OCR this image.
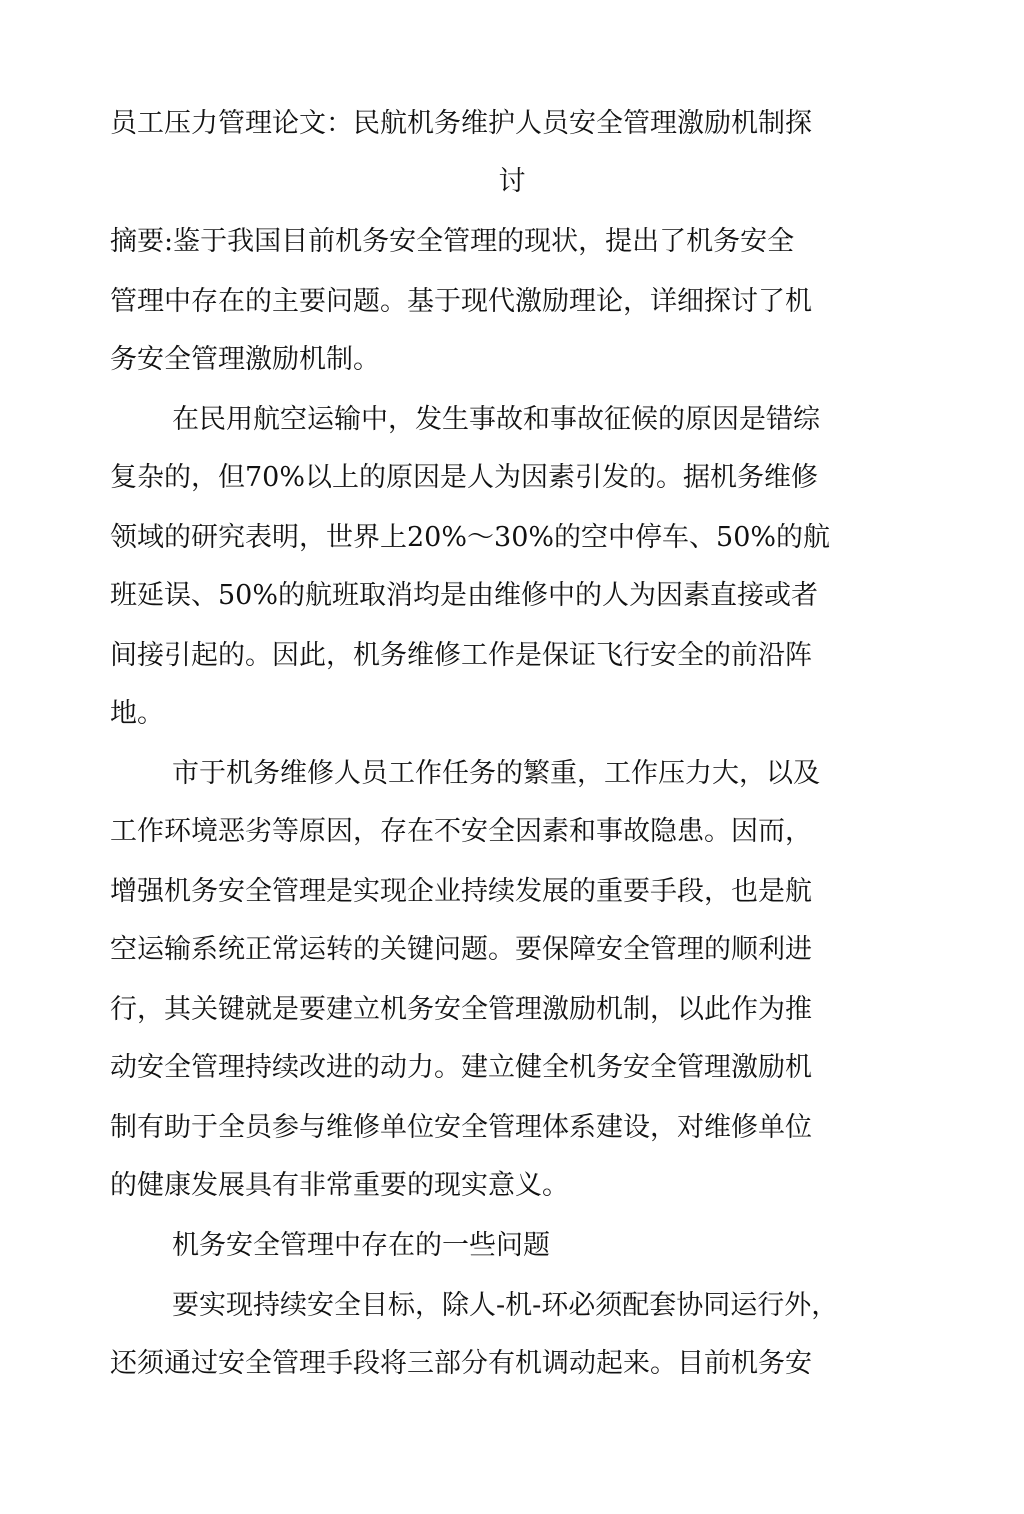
员工压力管理论文：民航机务维护人员安全管理激励机制探
讨
摘要:鉴于我国目前机务安全管理的现状，提出了机务安全
管理中存在的主要问题。基于现代激励理论，详细探讨了机
务安全管理激励机制。
在民用航空运输中，发生事故和事故征候的原因是错综
复杂的，但70%以上的原因是人为因素引发的。据机务维修
领域的研究表明，世界上20%～30%的空中停车、50%的航
班延误、50%的航班取消均是由维修中的人为因素直接或者
间接引起的。因此，机务维修工作是保证飞行安全的前沿阵
地。
市于机务维修人员工作任务的繁重，工作压力大，以及
工作环境恶劣等原因，存在不安全因素和事故隐患。因而，
增强机务安全管理是实现企业持续发展的重要手段，也是航
空运输系统正常运转的关键问题。要保障安全管理的顺利进
行，其关键就是要建立机务安全管理激励机制，以此作为推
动安全管理持续改进的动力。建立健全机务安全管理激励机
制有助于全员参与维修单位安全管理体系建设，对维修单位
的健康发展具有非常重要的现实意义。
机务安全管理中存在的一些问题
要实现持续安全目标，除人-机-环必须配套协同运行外，
还须通过安全管理手段将三部分有机调动起来。目前机务安
